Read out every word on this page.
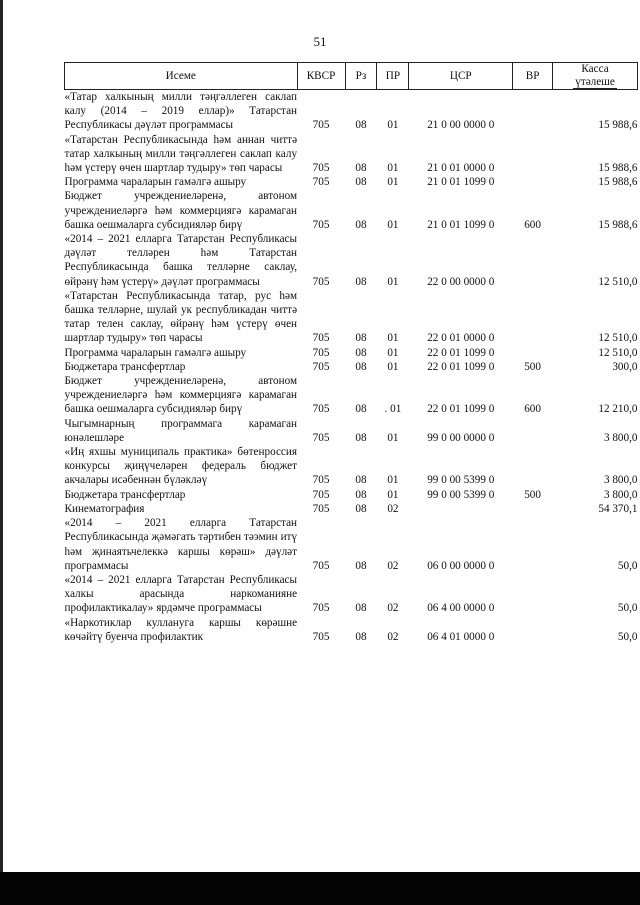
51
Исеме	КВСР	Рз	ПР	ЦСР	ВР	Касса
үтәлеше

«Татар халкының милли тәңгәллеген саклап калу (2014 – 2019 еллар)» Татарстан Республикасы дәүләт программасы	705	08	01	21 0 00 0000 0		15 988,6
«Татарстан Республикасында һәм аннан читтә татар халкының милли тәңгәллеген саклап калу һәм үстерү өчен шартлар тудыру» төп чарасы	705	08	01	21 0 01 0000 0		15 988,6
Программа чараларын гамәлгә ашыру	705	08	01	21 0 01 1099 0		15 988,6
Бюджет учреждениеләренә, автоном учреждениеләргә һәм коммерциягә карамаган башка оешмаларга субсидияләр бирү	705	08	01	21 0 01 1099 0	600	15 988,6
«2014 – 2021 елларга Татарстан Республикасы дәүләт телләрен һәм Татарстан Республикасында башка телләрне саклау, өйрәнү һәм үстерү» дәүләт программасы	705	08	01	22 0 00 0000 0		12 510,0
«Татарстан Республикасында татар, рус һәм башка телләрне, шулай ук республикадан читтә татар телен саклау, өйрәнү һәм үстерү өчен шартлар тудыру» төп чарасы	705	08	01	22 0 01 0000 0		12 510,0
Программа чараларын гамәлгә ашыру	705	08	01	22 0 01 1099 0		12 510,0
Бюджетара трансфертлар	705	08	01	22 0 01 1099 0	500	300,0
Бюджет учреждениеләренә, автоном учреждениеләргә һәм коммерциягә карамаган башка оешмаларга субсидияләр бирү	705	08	. 01	22 0 01 1099 0	600	12 210,0
Чыгымнарның программага карамаган юнәлешләре	705	08	01	99 0 00 0000 0		3 800,0
«Иң яхшы муниципаль практика» бөтенроссия конкурсы җиңүчеләрен федераль бюджет акчалары исәбеннән бүләкләү	705	08	01	99 0 00 5399 0		3 800,0
Бюджетара трансфертлар	705	08	01	99 0 00 5399 0	500	3 800,0
Кинематография	705	08	02			54 370,1
«2014 – 2021 елларга Татарстан Республикасында җәмәгать тәртибен тәэмин итү һәм җинаятьчелеккә каршы көрәш» дәүләт программасы	705	08	02	06 0 00 0000 0		50,0
«2014 – 2021 елларга Татарстан Республикасы халкы арасында наркоманияне профилактикалау» ярдәмче программасы	705	08	02	06 4 00 0000 0		50,0
«Наркотиклар куллануга каршы көрәшне көчәйтү буенча профилактик	705	08	02	06 4 01 0000 0		50,0
